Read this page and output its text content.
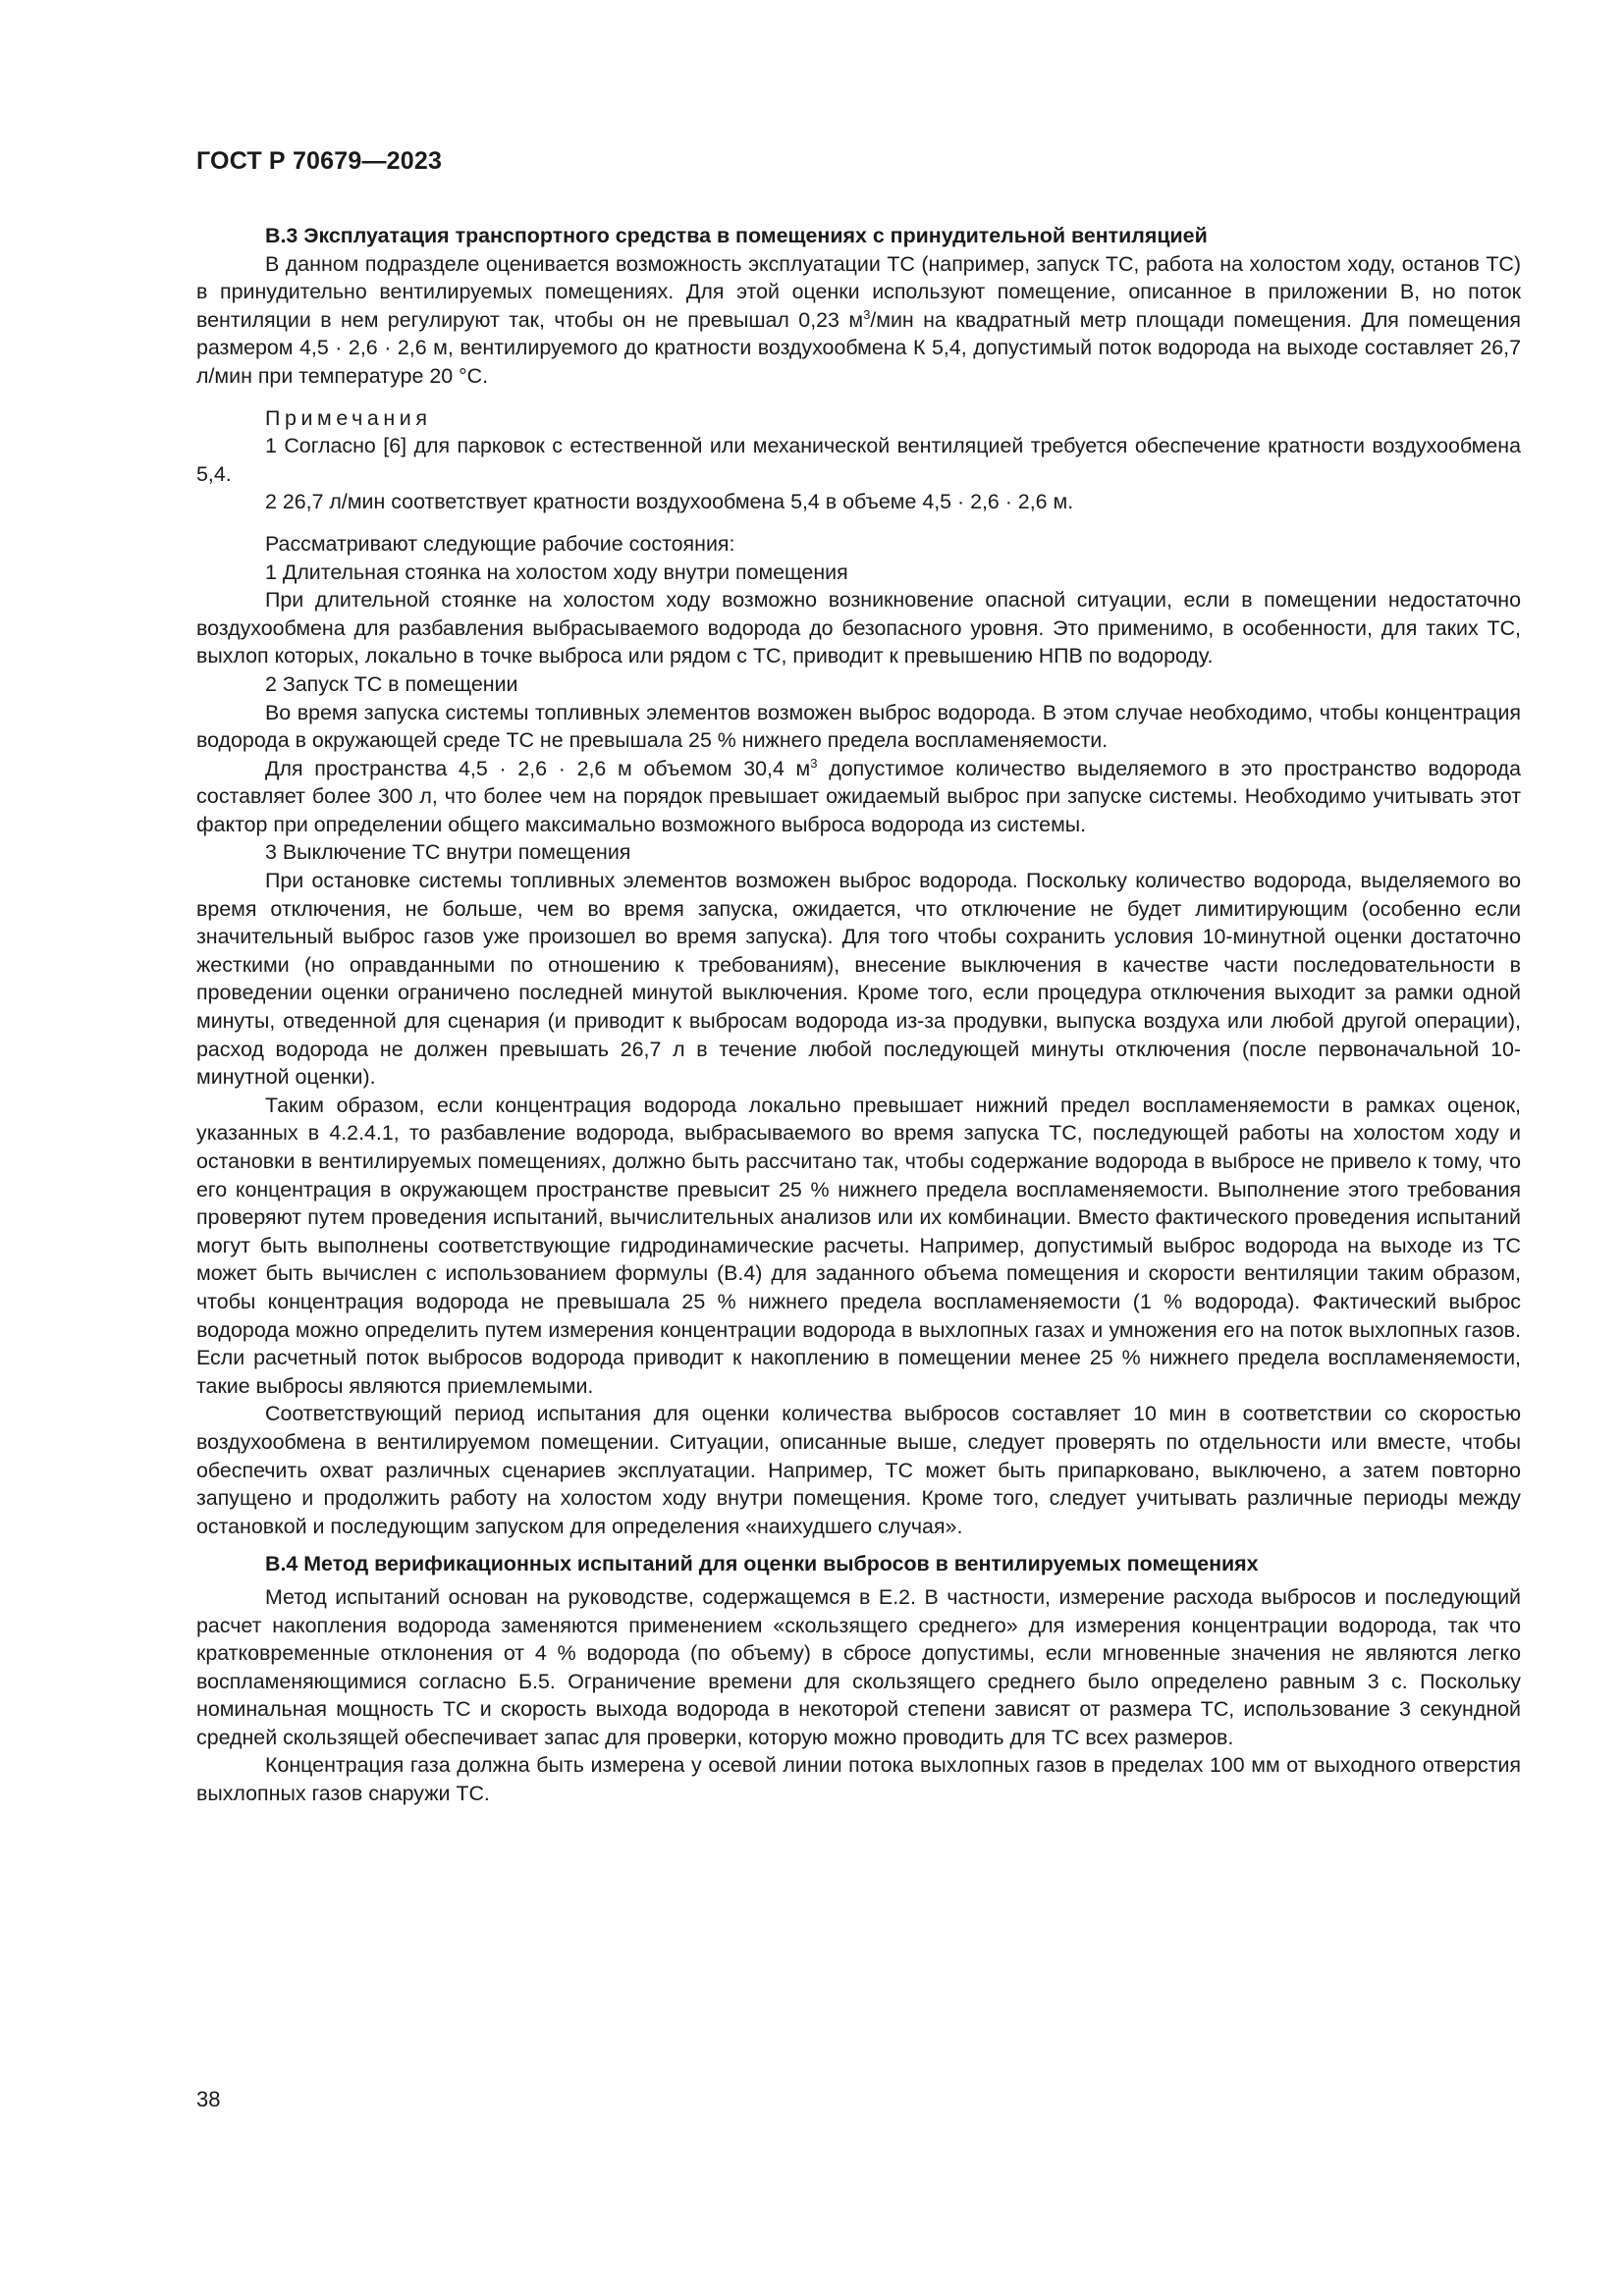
ГОСТ Р 70679—2023
В.3 Эксплуатация транспортного средства в помещениях с принудительной вентиляцией

В данном подразделе оценивается возможность эксплуатации ТС (например, запуск ТС, работа на холостом ходу, останов ТС) в принудительно вентилируемых помещениях. Для этой оценки используют помещение, описанное в приложении В, но поток вентиляции в нем регулируют так, чтобы он не превышал 0,23 $м^3$/мин на квадратный метр площади помещения. Для помещения размером 4,5 · 2,6 · 2,6 м, вентилируемого до кратности воздухообмена К 5,4, допустимый поток водорода на выходе составляет 26,7 л/мин при температуре 20 °С.

Примечания

1 Согласно [6] для парковок с естественной или механической вентиляцией требуется обеспечение кратности воздухообмена 5,4.

2 26,7 л/мин соответствует кратности воздухообмена 5,4 в объеме 4,5 · 2,6 · 2,6 м.

Рассматривают следующие рабочие состояния:

1 Длительная стоянка на холостом ходу внутри помещения

При длительной стоянке на холостом ходу возможно возникновение опасной ситуации, если в помещении недостаточно воздухообмена для разбавления выбрасываемого водорода до безопасного уровня. Это применимо, в особенности, для таких ТС, выхлоп которых, локально в точке выброса или рядом с ТС, приводит к превышению НПВ по водороду.

2 Запуск ТС в помещении

Во время запуска системы топливных элементов возможен выброс водорода. В этом случае необходимо, чтобы концентрация водорода в окружающей среде ТС не превышала 25 % нижнего предела воспламеняемости.

Для пространства 4,5 · 2,6 · 2,6 м объемом 30,4 $м^3$ допустимое количество выделяемого в это пространство водорода составляет более 300 л, что более чем на порядок превышает ожидаемый выброс при запуске системы. Необходимо учитывать этот фактор при определении общего максимально возможного выброса водорода из системы.

3 Выключение ТС внутри помещения

При остановке системы топливных элементов возможен выброс водорода. Поскольку количество водорода, выделяемого во время отключения, не больше, чем во время запуска, ожидается, что отключение не будет лимитирующим (особенно если значительный выброс газов уже произошел во время запуска). Для того чтобы сохранить условия 10-минутной оценки достаточно жесткими (но оправданными по отношению к требованиям), внесение выключения в качестве части последовательности в проведении оценки ограничено последней минутой выключения. Кроме того, если процедура отключения выходит за рамки одной минуты, отведенной для сценария (и приводит к выбросам водорода из-за продувки, выпуска воздуха или любой другой операции), расход водорода не должен превышать 26,7 л в течение любой последующей минуты отключения (после первоначальной 10-минутной оценки).

Таким образом, если концентрация водорода локально превышает нижний предел воспламеняемости в рамках оценок, указанных в 4.2.4.1, то разбавление водорода, выбрасываемого во время запуска ТС, последующей работы на холостом ходу и остановки в вентилируемых помещениях, должно быть рассчитано так, чтобы содержание водорода в выбросе не привело к тому, что его концентрация в окружающем пространстве превысит 25 % нижнего предела воспламеняемости. Выполнение этого требования проверяют путем проведения испытаний, вычислительных анализов или их комбинации. Вместо фактического проведения испытаний могут быть выполнены соответствующие гидродинамические расчеты. Например, допустимый выброс водорода на выходе из ТС может быть вычислен с использованием формулы (В.4) для заданного объема помещения и скорости вентиляции таким образом, чтобы концентрация водорода не превышала 25 % нижнего предела воспламеняемости (1 % водорода). Фактический выброс водорода можно определить путем измерения концентрации водорода в выхлопных газах и умножения его на поток выхлопных газов. Если расчетный поток выбросов водорода приводит к накоплению в помещении менее 25 % нижнего предела воспламеняемости, такие выбросы являются приемлемыми.

Соответствующий период испытания для оценки количества выбросов составляет 10 мин в соответствии со скоростью воздухообмена в вентилируемом помещении. Ситуации, описанные выше, следует проверять по отдельности или вместе, чтобы обеспечить охват различных сценариев эксплуатации. Например, ТС может быть припарковано, выключено, а затем повторно запущено и продолжить работу на холостом ходу внутри помещения. Кроме того, следует учитывать различные периоды между остановкой и последующим запуском для определения «наихудшего случая».

В.4 Метод верификационных испытаний для оценки выбросов в вентилируемых помещениях

Метод испытаний основан на руководстве, содержащемся в Е.2. В частности, измерение расхода выбросов и последующий расчет накопления водорода заменяются применением «скользящего среднего» для измерения концентрации водорода, так что кратковременные отклонения от 4 % водорода (по объему) в сбросе допустимы, если мгновенные значения не являются легко воспламеняющимися согласно Б.5. Ограничение времени для скользящего среднего было определено равным 3 с. Поскольку номинальная мощность ТС и скорость выхода водорода в некоторой степени зависят от размера ТС, использование 3 секундной средней скользящей обеспечивает запас для проверки, которую можно проводить для ТС всех размеров.

Концентрация газа должна быть измерена у осевой линии потока выхлопных газов в пределах 100 мм от выходного отверстия выхлопных газов снаружи ТС.

38
